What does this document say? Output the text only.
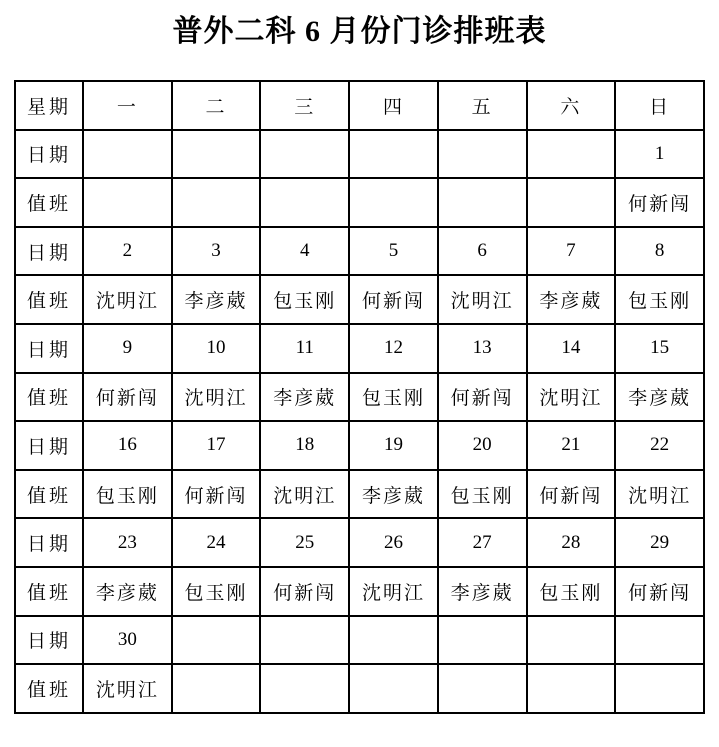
普外二科 6 月份门诊排班表
星期	一	二	三	四	五	六	日
日期							1
值班							何新闯
日期	2	3	4	5	6	7	8
值班	沈明江	李彦葳	包玉刚	何新闯	沈明江	李彦葳	包玉刚
日期	9	10	11	12	13	14	15
值班	何新闯	沈明江	李彦葳	包玉刚	何新闯	沈明江	李彦葳
日期	16	17	18	19	20	21	22
值班	包玉刚	何新闯	沈明江	李彦葳	包玉刚	何新闯	沈明江
日期	23	24	25	26	27	28	29
值班	李彦葳	包玉刚	何新闯	沈明江	李彦葳	包玉刚	何新闯
日期	30						
值班	沈明江						
